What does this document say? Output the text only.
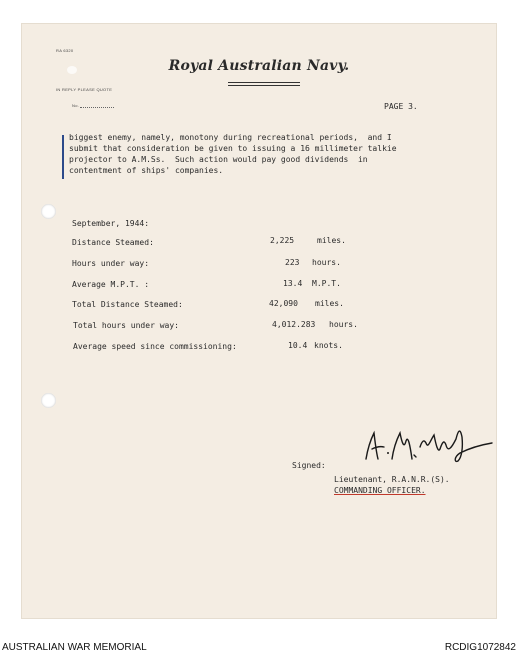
RA 6320
IN REPLY PLEASE QUOTE
No.
Royal Australian Navy.
PAGE 3.
biggest enemy, namely, monotony during recreational periods,  and I
submit that consideration be given to issuing a 16 millimeter talkie
projector to A.M.Ss.  Such action would pay good dividends  in
contentment of ships' companies.
September, 1944:
Distance Steamed:	2,225	miles.
Hours under way:	223 hours.
Average M.P.T. :	13.4 M.P.T.
Total Distance Steamed:	42,090 miles.
Total hours under way:	4,012.283 hours.
Average speed since commissioning:	10.4 knots.
Signed:
Lieutenant, R.A.N.R.(S).
COMMANDING OFFICER.
AUSTRALIAN WAR MEMORIAL	RCDIG1072842
